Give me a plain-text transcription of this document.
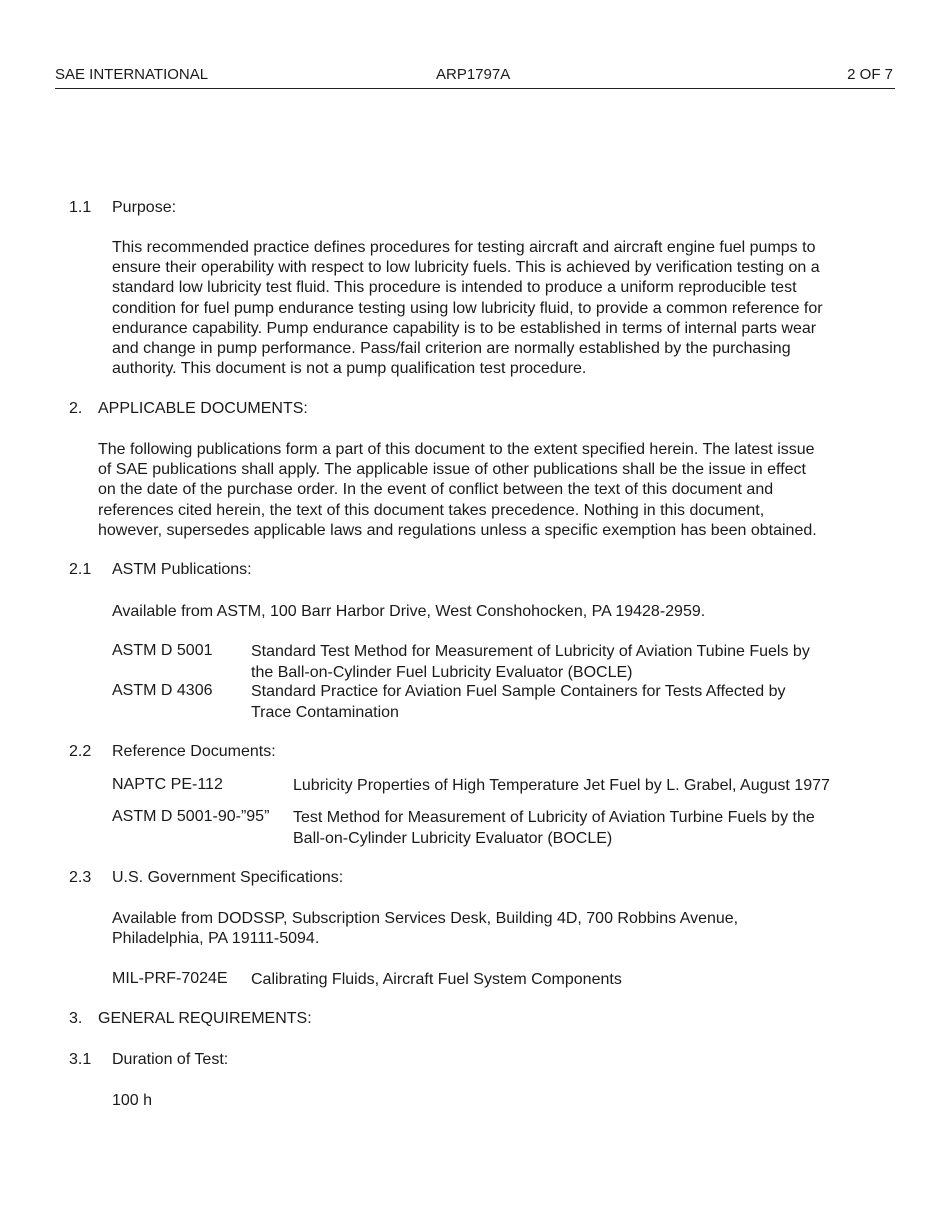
SAE INTERNATIONAL	ARP1797A	2 OF 7
1.1 Purpose:
This recommended practice defines procedures for testing aircraft and aircraft engine fuel pumps to
ensure their operability with respect to low lubricity fuels. This is achieved by verification testing on a
standard low lubricity test fluid. This procedure is intended to produce a uniform reproducible test
condition for fuel pump endurance testing using low lubricity fluid, to provide a common reference for
endurance capability. Pump endurance capability is to be established in terms of internal parts wear
and change in pump performance. Pass/fail criterion are normally established by the purchasing
authority. This document is not a pump qualification test procedure.
2. APPLICABLE DOCUMENTS:
The following publications form a part of this document to the extent specified herein. The latest issue
of SAE publications shall apply. The applicable issue of other publications shall be the issue in effect
on the date of the purchase order. In the event of conflict between the text of this document and
references cited herein, the text of this document takes precedence. Nothing in this document,
however, supersedes applicable laws and regulations unless a specific exemption has been obtained.
2.1 ASTM Publications:
Available from ASTM, 100 Barr Harbor Drive, West Conshohocken, PA 19428-2959.
ASTM D 5001 Standard Test Method for Measurement of Lubricity of Aviation Tubine Fuels by
the Ball-on-Cylinder Fuel Lubricity Evaluator (BOCLE)
ASTM D 4306 Standard Practice for Aviation Fuel Sample Containers for Tests Affected by
Trace Contamination
2.2 Reference Documents:
NAPTC PE-112	Lubricity Properties of High Temperature Jet Fuel by L. Grabel, August 1977
ASTM D 5001-90-”95” Test Method for Measurement of Lubricity of Aviation Turbine Fuels by the
Ball-on-Cylinder Lubricity Evaluator (BOCLE)
2.3 U.S. Government Specifications:
Available from DODSSP, Subscription Services Desk, Building 4D, 700 Robbins Avenue,
Philadelphia, PA 19111-5094.
MIL-PRF-7024E Calibrating Fluids, Aircraft Fuel System Components
3. GENERAL REQUIREMENTS:
3.1 Duration of Test:
100 h
